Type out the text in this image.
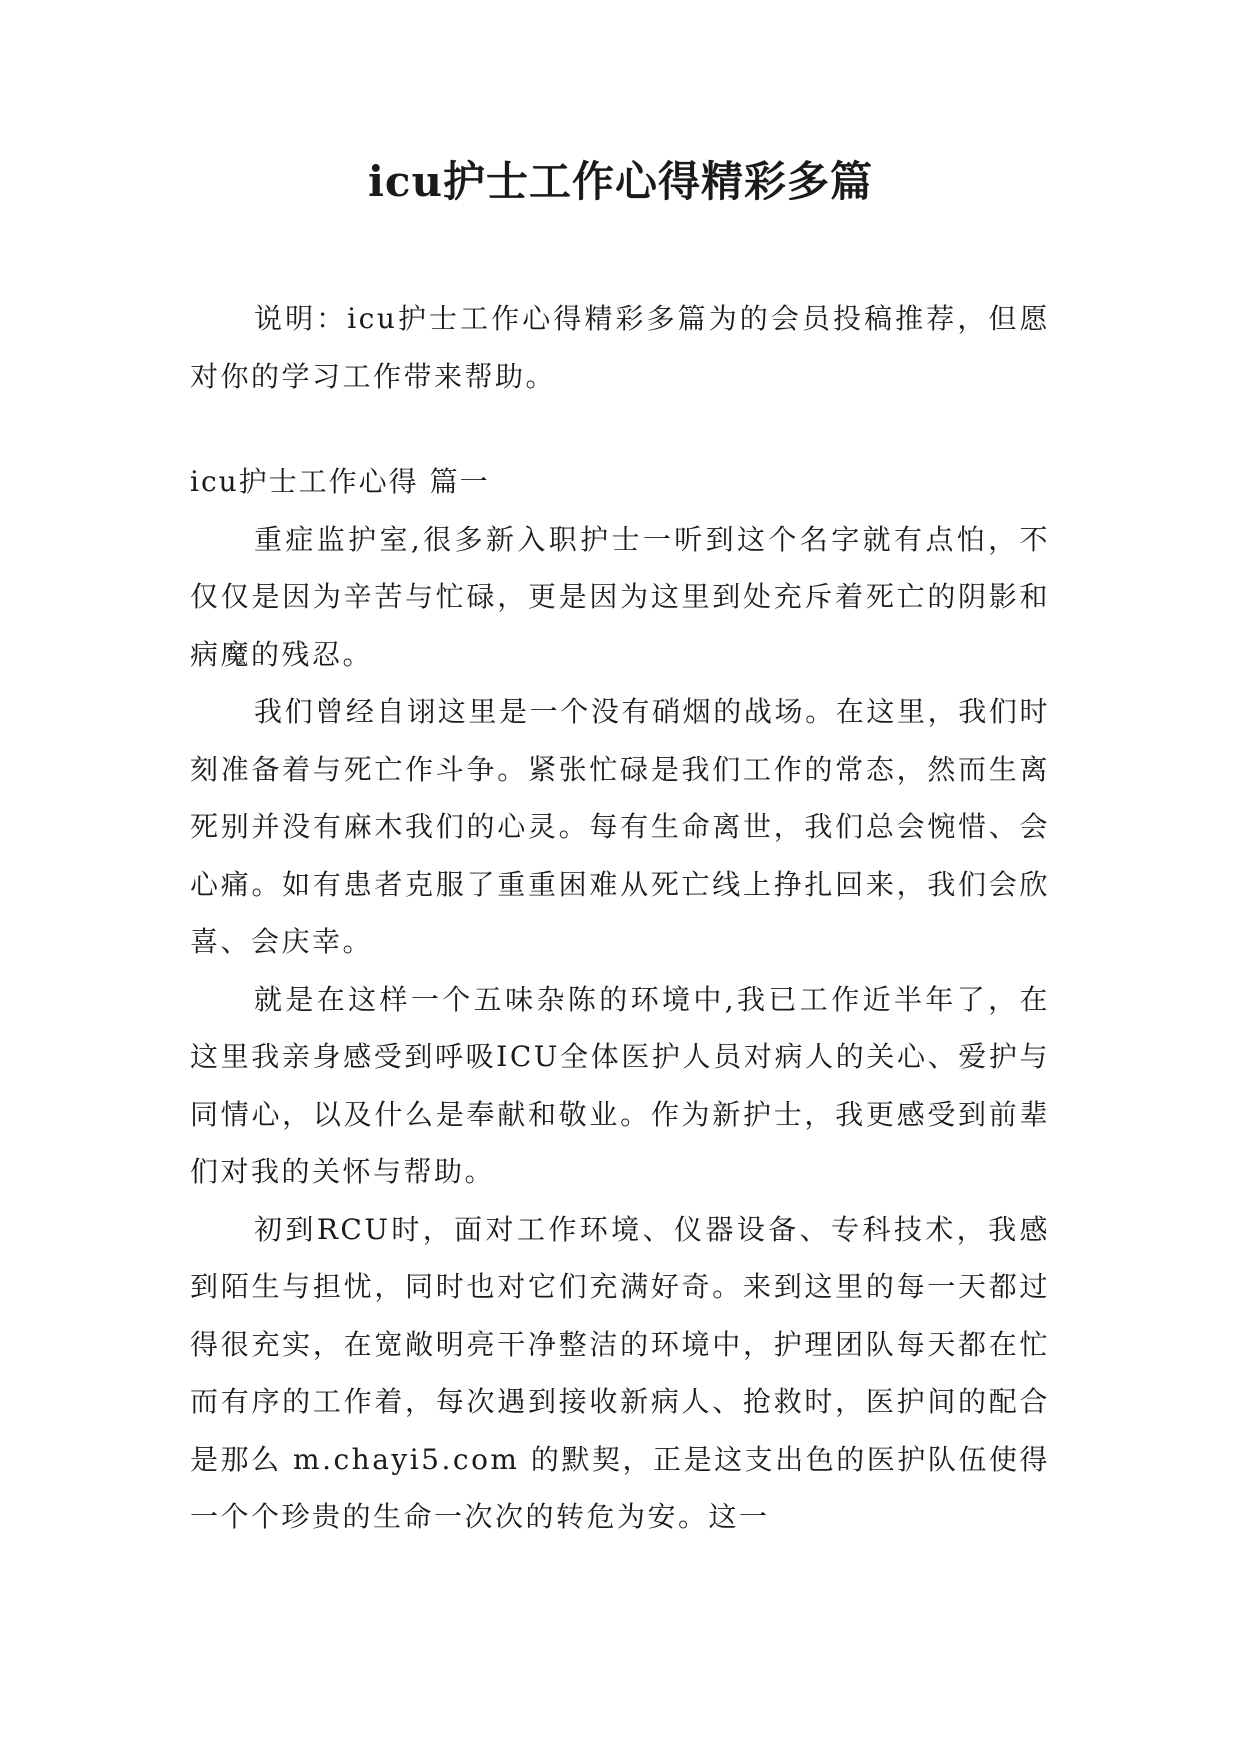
icu护士工作心得精彩多篇

说明：icu护士工作心得精彩多篇为的会员投稿推荐，但愿对你的学习工作带来帮助。

icu护士工作心得 篇一

重症监护室,很多新入职护士一听到这个名字就有点怕，不仅仅是因为辛苦与忙碌，更是因为这里到处充斥着死亡的阴影和病魔的残忍。

我们曾经自诩这里是一个没有硝烟的战场。在这里，我们时刻准备着与死亡作斗争。紧张忙碌是我们工作的常态，然而生离死别并没有麻木我们的心灵。每有生命离世，我们总会惋惜、会心痛。如有患者克服了重重困难从死亡线上挣扎回来，我们会欣喜、会庆幸。

就是在这样一个五味杂陈的环境中,我已工作近半年了，在这里我亲身感受到呼吸ICU全体医护人员对病人的关心、爱护与同情心，以及什么是奉献和敬业。作为新护士，我更感受到前辈们对我的关怀与帮助。

初到RCU时，面对工作环境、仪器设备、专科技术，我感到陌生与担忧，同时也对它们充满好奇。来到这里的每一天都过得很充实，在宽敞明亮干净整洁的环境中，护理团队每天都在忙而有序的工作着，每次遇到接收新病人、抢救时，医护间的配合是那么 m.chayi5.com 的默契，正是这支出色的医护队伍使得一个个珍贵的生命一次次的转危为安。这一
